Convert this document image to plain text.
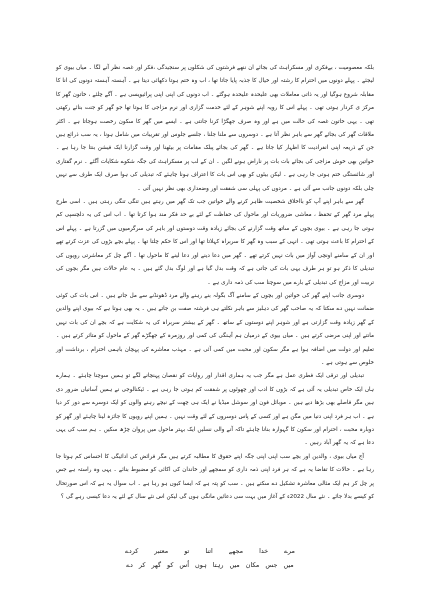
بلکہ معصومیت ، بےفکری اور مسکراہٹ کی بجائے ان ننھے فرشتوں کی شکلوں پر سنجیدگی ،فکر اور غصہ نظر آنے لگا ۔ میاں بیوی کو لیجئے ۔ پہلے دونوں میں احترام کا رشتہ اور خیال کا جذبہ پایا جاتا تھا ، اب وہ ختم ہوتا دکھائی دیتا ہے ۔ آہستہ آہستہ دونوں کی انا کا مقابلہ شروع ہوگیا اور یہ ذاتی معاملات بھی علیحدہ علیحدہ ہوگئے ۔ اب دونوں کی اپنی اپنی پرائیویسی ہے ۔ آگے چلئے ، خاتون گھر کا مرکز ی کردار ہوتی تھی ۔ پہلے اس کا رویہ اپنے شوہر کے لئے خدمت گزاری اور نرم مزاجی کا ہوتا تھا جو گھر کو جنت بنائے رکھتی تھی ۔ یہی خاتون غصہ کی حالت میں ہے اور وہ صرف جھگڑا کرنا جانتی ہے ۔ ایسے میں گھر کا سکون رخصت ہوجاتا ہے ۔ اکثر ملاقات گھر کی بجائے گھر سے باہر نظر آتا ہے ۔ دوسروں سے ملنا جلنا ، جلسے جلوس اور تقریبات میں شامل ہونا ، یہ سب ذرائع ہیں جن کے ذریعہ اپنی انفرادیت کا اظہار کیا جاتا ہے ۔ گھر کی بجائے پبلک مقامات پر بیٹھنا اور وقت گزارنا ایک فیشن بنتا جا رہا ہے ۔ خواتین بھی خوش مزاجی کی بجائے بات بات پر ناراض ہونے لگیں ۔ ان کے لب پر مسکراہٹ کی جگہ شکوے شکایات آگئے ۔ نرم گفتاری اور شائستگی ختم ہوتی جا رہی ہے ۔ لیکن بیٹوں کو بھی اس بات کا اعتراف ہونا چاہئے کہ تبدیلی کی ہوا صرف ایک طرف سے نہیں چلی بلکہ دونوں جانب سے آئی ہے ۔ مردوں کی پہلی سی شفقت اور وضعداری بھی نظر نہیں آتی ۔

گھر سے باہر اپنے آپ کو بااخلاق شخصیت ظاہر کرنے والے خواتین جب تک گھر میں رہتے ہیں تنگی تنگی رہتی ہیں ۔ اسی طرح پہلے مرد گھر کے تحفظ ، معاشی ضروریات اور ماحول کی حفاظت کے لئے بے حد فکر مند ہوا کرتا تھا ۔ اب اس کی یہ دلچسپی کم ہوتی جا رہی ہے ۔ بیوی بچوں کے ساتھ وقت گزارنے کی بجائے زیادہ وقت دوستوں اور باہر کی سرگرمیوں میں گزرتا ہے ۔ پہلے اس کے احترام کا باعث ہوتی تھی ۔ انہی کے سبب وہ گھر کا سربراہ کہلاتا تھا اور اس کا حکم چلتا تھا ۔ پہلے بچے بڑوں کی عزت کرتے تھے اور ان کے سامنے اونچی آواز میں بات نہیں کرتے تھے ۔ گھر میں دعا دینے اور دعا لینے کا ماحول تھا ۔ آگے چل کر معاشرتی رویوں کی تبدیلی کا ذکر ہو تو ہر طرف یہی بات کی جاتی ہے کہ وقت بدل گیا ہے اور لوگ بدل گئے ہیں ۔ یہ عام حالات ہیں مگر بچوں کی تربیت اور مزاج کی تبدیلی کے بارے میں سوچنا سب کی ذمہ داری ہے ۔

دوسری جانب اپنے گھر کی خواتین اور بچوں کے سامنے آگ بگولہ بنے رہنے والے مرد ڈھونڈنے سے مل جاتے ہیں ۔ اس بات کی کوئی ضمانت نہیں دے سکتا کہ یہ صاحب گھر کی دہلیز سے باہر نکلتے ہی فرشتہ صفت بن جاتے ہیں ۔ یہ بھی ہوتا ہے کہ بیوی اپنے والدین کے گھر زیادہ وقت گزارتی ہے اور شوہر اپنے دوستوں کے ساتھ ۔ گھر کے بیشتر سربراہ کی یہ شکایت ہے کہ بچے ان کی بات نہیں مانتے اور اپنی مرضی کرتے ہیں ۔ میاں بیوی کے درمیان ہم آہنگی کی کمی اور روزمرہ کے جھگڑے گھر کے ماحول کو متاثر کرتے ہیں ۔ تعلیم اور دولت میں اضافہ ہوا ہے مگر سکون اور محبت میں کمی آئی ہے ۔ مہذب معاشرے کی پہچان باہمی احترام ، برداشت اور خلوص سے ہوتی ہے ۔

تبدیلی اور ترقی ایک فطری عمل ہے مگر جب یہ ہماری اقدار اور روایات کو نقصان پہنچانے لگے تو ہمیں سوچنا چاہئے ۔ ہمارے ہاں ایک خاص تبدیلی یہ آئی ہے کہ بڑوں کا ادب اور چھوٹوں پر شفقت کم ہوتی جا رہی ہے ۔ ٹیکنالوجی نے ہمیں آسانیاں ضرور دی ہیں مگر فاصلے بھی بڑھا دیے ہیں ۔ موبائل فون اور سوشل میڈیا نے ایک ہی چھت کے نیچے رہنے والوں کو ایک دوسرے سے دور کر دیا ہے ۔ اب ہر فرد اپنی دنیا میں مگن ہے اور کسی کے پاس دوسروں کے لئے وقت نہیں ۔ ہمیں اپنے رویوں کا جائزہ لینا چاہئے اور گھر کو دوبارہ محبت ، احترام اور سکون کا گہوارہ بنانا چاہئے تاکہ آنے والی نسلیں ایک بہتر ماحول میں پروان چڑھ سکیں ۔ ہم سب کی یہی دعا ہے کہ یہ گھر آباد رہیں ۔

آج میاں بیوی ، والدین اور بچے سب اپنی اپنی جگہ اپنے حقوق کا مطالبہ کرتے ہیں مگر فرائض کی ادائیگی کا احساس کم ہوتا جا رہا ہے ۔ حالات کا تقاضا یہ ہے کہ ہر فرد اپنی ذمہ داری کو سمجھے اور خاندان کی اکائی کو مضبوط بنائے ۔ یہی وہ راستہ ہے جس پر چل کر ہم ایک مثالی معاشرہ تشکیل دے سکتے ہیں ۔ سب کو پتہ ہے کہ ایسا کیوں ہو رہا ہے ۔ اب سوال یہ ہے کہ اس صورتحال کو کیسے بدلا جائے ۔ نئے سال 2022ء کے آغاز میں بہت سی دعائیں مانگی ہوں گی لیکن اس نئے سال کے لئے یہ دعا کیسی رہے گی ؟

مرے خدا مجھے اتنا تو معتبر کردے
میں جس مکان میں رہتا ہوں اُس کو گھر کر دے
